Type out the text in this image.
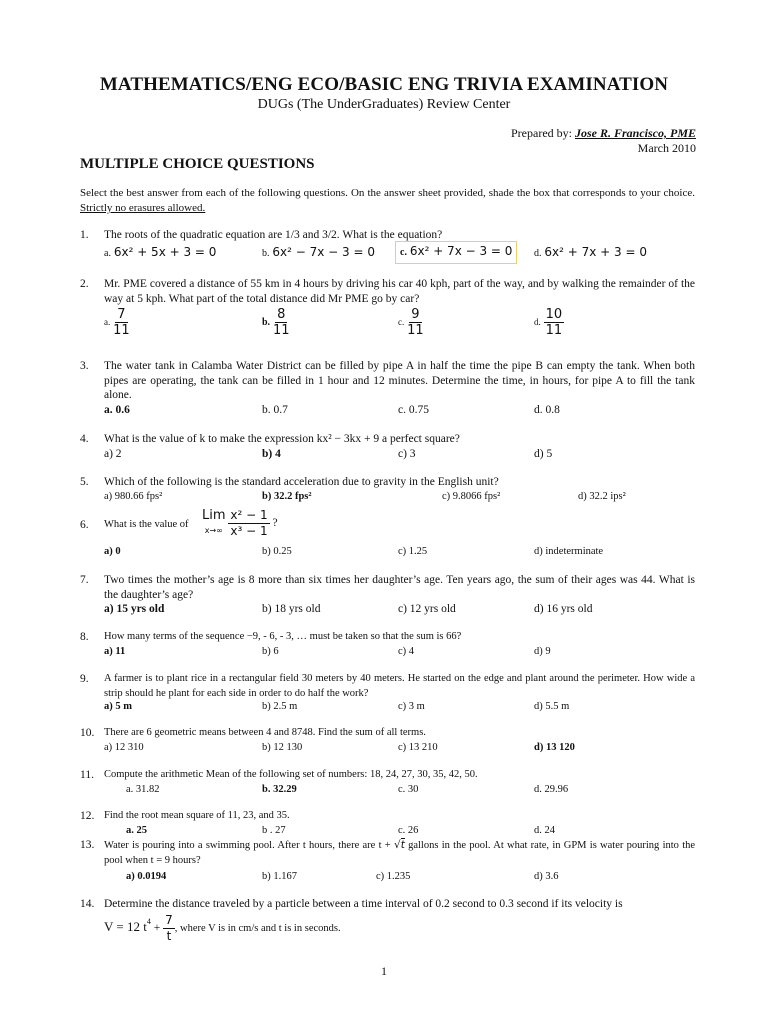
MATHEMATICS/ENG ECO/BASIC ENG TRIVIA EXAMINATION
DUGs (The UnderGraduates) Review Center
Prepared by: Jose R. Francisco, PME
March 2010
MULTIPLE CHOICE QUESTIONS
Select the best answer from each of the following questions. On the answer sheet provided, shade the box that corresponds to your choice. Strictly no erasures allowed.
1. The roots of the quadratic equation are 1/3 and 3/2. What is the equation?
a. 6x² + 5x + 3 = 0	b. 6x² − 7x − 3 = 0	c. 6x² + 7x − 3 = 0	d. 6x² + 7x + 3 = 0
2. Mr. PME covered a distance of 55 km in 4 hours by driving his car 40 kph, part of the way, and by walking the remainder of the way at 5 kph. What part of the total distance did Mr PME go by car?
a. $\frac{7}{11}$	b. $\frac{8}{11}$	c. $\frac{9}{11}$	d. $\frac{10}{11}$
3. The water tank in Calamba Water District can be filled by pipe A in half the time the pipe B can empty the tank. When both pipes are operating, the tank can be filled in 1 hour and 12 minutes. Determine the time, in hours, for pipe A to fill the tank alone.
a. 0.6	b. 0.7	c. 0.75	d. 0.8
4. What is the value of k to make the expression kx² − 3kx + 9 a perfect square?
a) 2	b) 4	c) 3	d) 5
5. Which of the following is the standard acceleration due to gravity in the English unit?
a) 980.66 fps²	b) 32.2 fps²	c) 9.8066 fps²	d) 32.2 ips²
6. What is the value of
Lim
x→∞
$\frac{\text{x² − 1}}{\text{x³ − 1}}$ ?
a) 0	b) 0.25	c) 1.25	d) indeterminate
7. Two times the mother’s age is 8 more than six times her daughter’s age. Ten years ago, the sum of their ages was 44. What is the daughter’s age?
a) 15 yrs old	b) 18 yrs old	c) 12 yrs old	d) 16 yrs old
8. How many terms of the sequence −9, - 6, - 3, … must be taken so that the sum is 66?
a) 11	b) 6	c) 4	d) 9
9. A farmer is to plant rice in a rectangular field 30 meters by 40 meters. He started on the edge and plant around the perimeter. How wide a strip should he plant for each side in order to do half the work?
a) 5 m	b) 2.5 m	c) 3 m	d) 5.5 m
10. There are 6 geometric means between 4 and 8748. Find the sum of all terms.
a) 12 310	b) 12 130	c) 13 210	d) 13 120
11. Compute the arithmetic Mean of the following set of numbers: 18, 24, 27, 30, 35, 42, 50.
a. 31.82	b. 32.29	c. 30	d. 29.96
12. Find the root mean square of 11, 23, and 35.
a. 25	b . 27	c. 26	d. 24
13. Water is pouring into a swimming pool. After t hours, there are t + √t gallons in the pool. At what rate, in GPM is water pouring into the pool when t = 9 hours?
a) 0.0194	b) 1.167	c) 1.235	d) 3.6
14. Determine the distance traveled by a particle between a time interval of 0.2 second to 0.3 second if its velocity is
V = 12 $t^4 + \frac{7}{t}$ , where V is in cm/s and t is in seconds.
1
